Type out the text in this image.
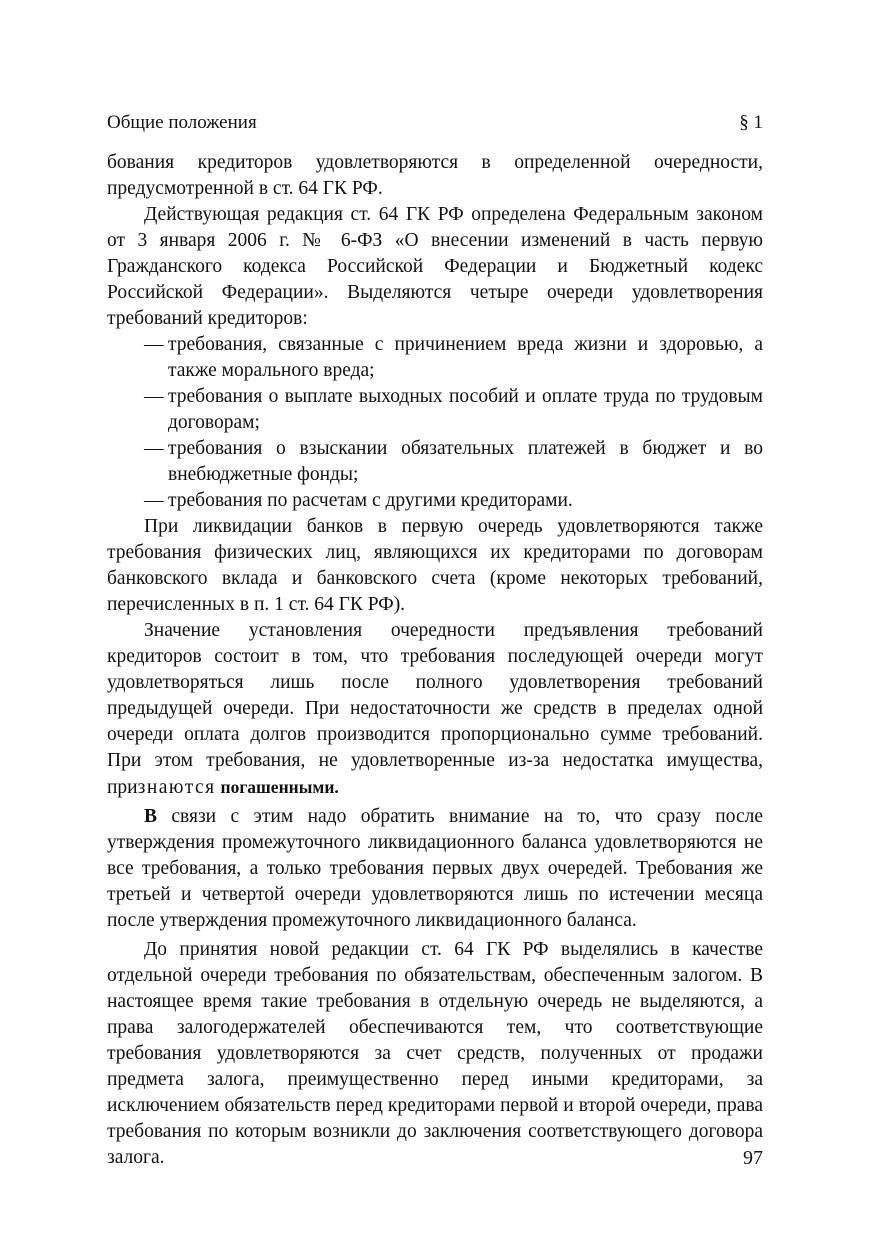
Общие положения	§ 1

бования кредиторов удовлетворяются в определенной очередности, предусмотренной в ст. 64 ГК РФ.

Действующая редакция ст. 64 ГК РФ определена Федеральным законом от 3 января 2006 г. № 6-ФЗ «О внесении изменений в часть первую Гражданского кодекса Российской Федерации и Бюджетный кодекс Российской Федерации». Выделяются четыре очереди удовлетворения требований кредиторов:

— требования, связанные с причинением вреда жизни и здоровью, а также морального вреда;
— требования о выплате выходных пособий и оплате труда по трудовым договорам;
— требования о взыскании обязательных платежей в бюджет и во внебюджетные фонды;
— требования по расчетам с другими кредиторами.

При ликвидации банков в первую очередь удовлетворяются также требования физических лиц, являющихся их кредиторами по договорам банковского вклада и банковского счета (кроме некоторых требований, перечисленных в п. 1 ст. 64 ГК РФ).

Значение установления очередности предъявления требований кредиторов состоит в том, что требования последующей очереди могут удовлетворяться лишь после полного удовлетворения требований предыдущей очереди. При недостаточности же средств в пределах одной очереди оплата долгов производится пропорционально сумме требований. При этом требования, не удовлетворенные из-за недостатка имущества, признаются погашенными.

В связи с этим надо обратить внимание на то, что сразу после утверждения промежуточного ликвидационного баланса удовлетворяются не все требования, а только требования первых двух очередей. Требования же третьей и четвертой очереди удовлетворяются лишь по истечении месяца после утверждения промежуточного ликвидационного баланса.

До принятия новой редакции ст. 64 ГК РФ выделялись в качестве отдельной очереди требования по обязательствам, обеспеченным залогом. В настоящее время такие требования в отдельную очередь не выделяются, а права залогодержателей обеспечиваются тем, что соответствующие требования удовлетворяются за счет средств, полученных от продажи предмета залога, преимущественно перед иными кредиторами, за исключением обязательств перед кредиторами первой и второй очереди, права требования по которым возникли до заключения соответствующего договора залога.	97
